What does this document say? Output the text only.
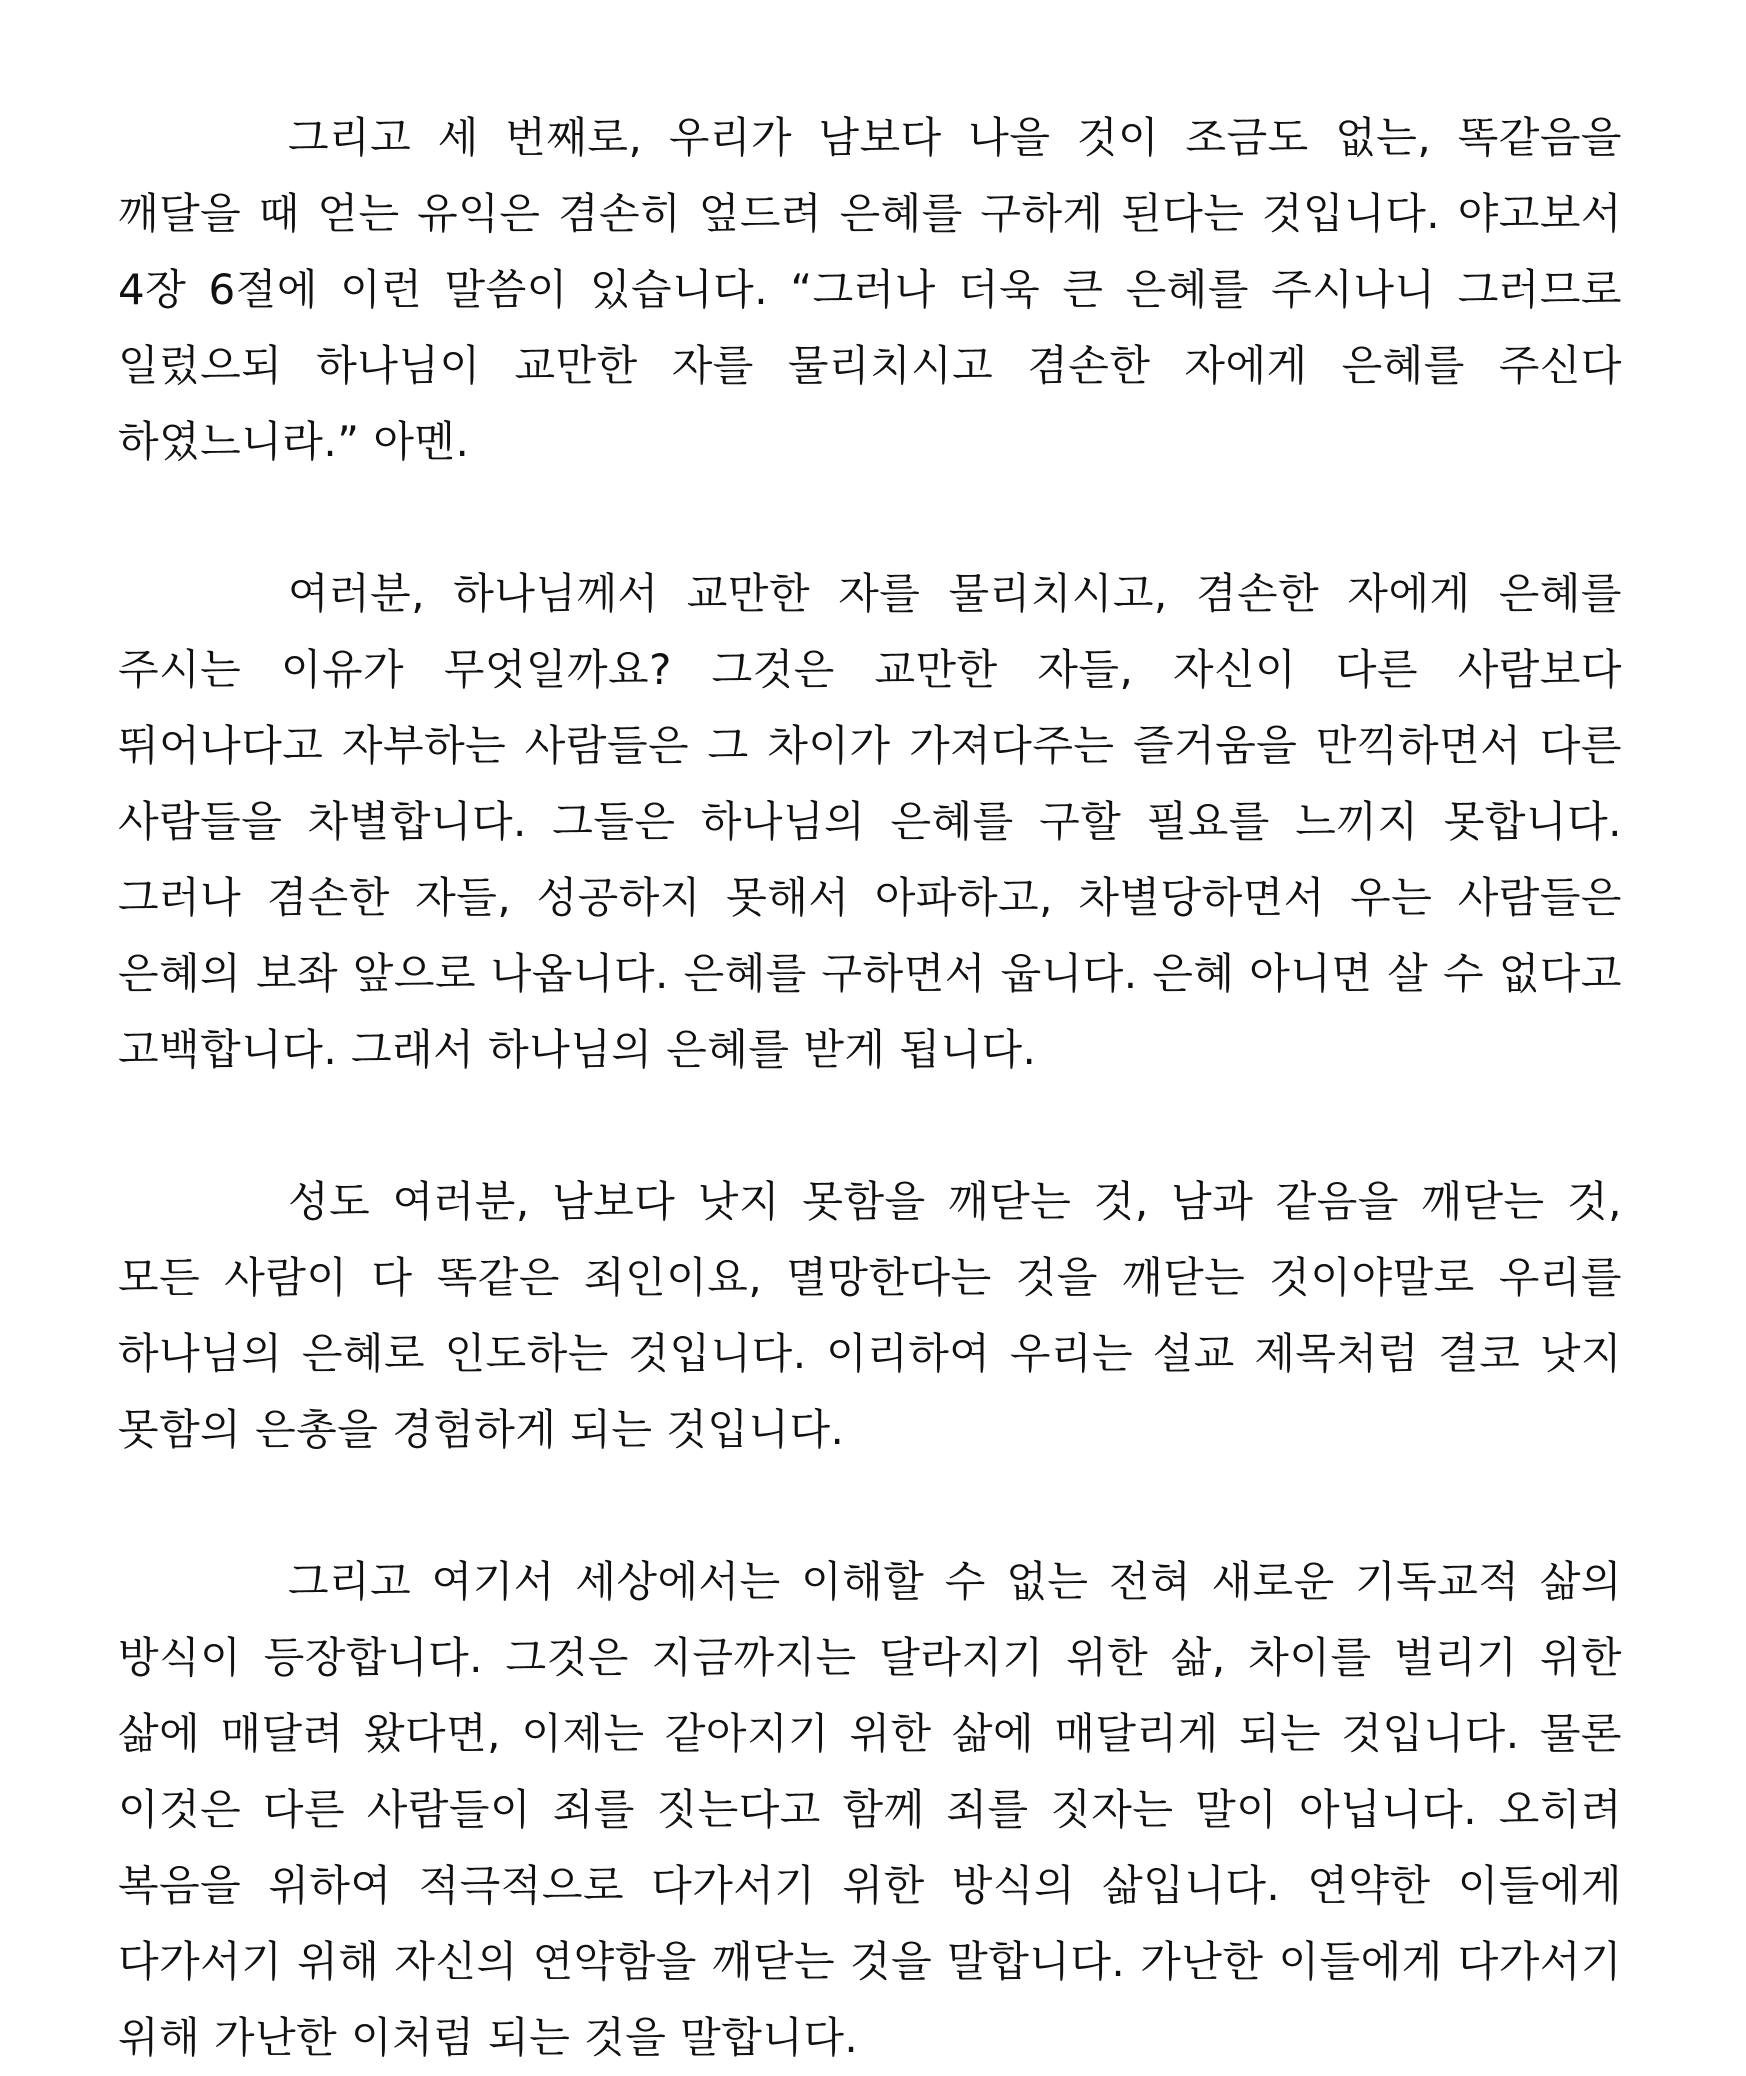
그리고 세 번째로, 우리가 남보다 나을 것이 조금도 없는, 똑같음을 깨달을 때 얻는 유익은 겸손히 엎드려 은혜를 구하게 된다는 것입니다. 야고보서 4장 6절에 이런 말씀이 있습니다. “그러나 더욱 큰 은혜를 주시나니 그러므로 일렀으되 하나님이 교만한 자를 물리치시고 겸손한 자에게 은혜를 주신다 하였느니라.” 아멘.

여러분, 하나님께서 교만한 자를 물리치시고, 겸손한 자에게 은혜를 주시는 이유가 무엇일까요? 그것은 교만한 자들, 자신이 다른 사람보다 뛰어나다고 자부하는 사람들은 그 차이가 가져다주는 즐거움을 만끽하면서 다른 사람들을 차별합니다. 그들은 하나님의 은혜를 구할 필요를 느끼지 못합니다. 그러나 겸손한 자들, 성공하지 못해서 아파하고, 차별당하면서 우는 사람들은 은혜의 보좌 앞으로 나옵니다. 은혜를 구하면서 웁니다. 은혜 아니면 살 수 없다고 고백합니다. 그래서 하나님의 은혜를 받게 됩니다.

성도 여러분, 남보다 낫지 못함을 깨닫는 것, 남과 같음을 깨닫는 것, 모든 사람이 다 똑같은 죄인이요, 멸망한다는 것을 깨닫는 것이야말로 우리를 하나님의 은혜로 인도하는 것입니다. 이리하여 우리는 설교 제목처럼 결코 낫지 못함의 은총을 경험하게 되는 것입니다.

그리고 여기서 세상에서는 이해할 수 없는 전혀 새로운 기독교적 삶의 방식이 등장합니다. 그것은 지금까지는 달라지기 위한 삶, 차이를 벌리기 위한 삶에 매달려 왔다면, 이제는 같아지기 위한 삶에 매달리게 되는 것입니다. 물론 이것은 다른 사람들이 죄를 짓는다고 함께 죄를 짓자는 말이 아닙니다. 오히려 복음을 위하여 적극적으로 다가서기 위한 방식의 삶입니다. 연약한 이들에게 다가서기 위해 자신의 연약함을 깨닫는 것을 말합니다. 가난한 이들에게 다가서기 위해 가난한 이처럼 되는 것을 말합니다.
